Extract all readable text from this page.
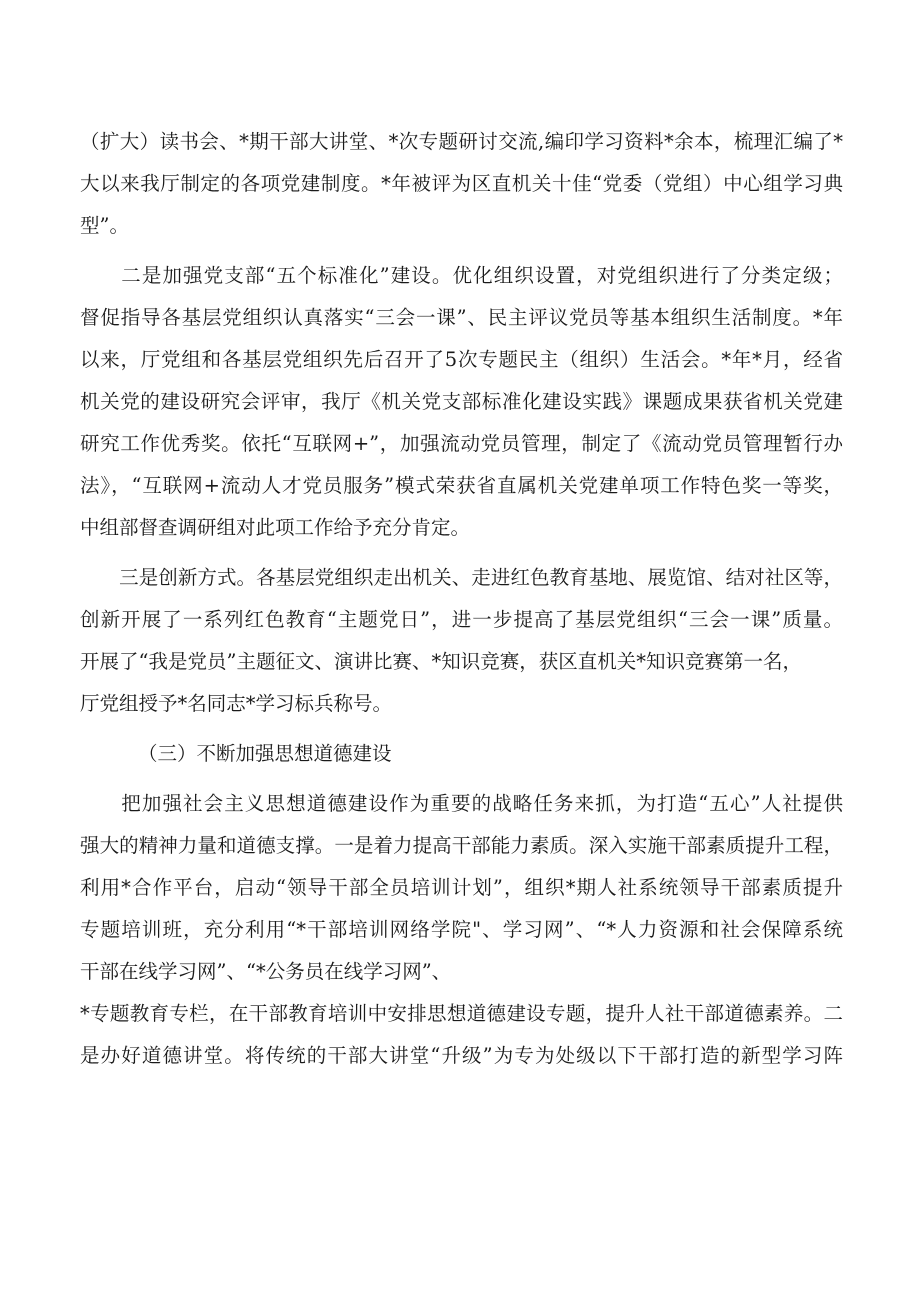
（扩大）读书会、*期干部大讲堂、*次专题研讨交流,编印学习资料*余本，梳理汇编了*
大以来我厅制定的各项党建制度。*年被评为区直机关十佳“党委（党组）中心组学习典
型”。
　　二是加强党支部“五个标准化”建设。优化组织设置，对党组织进行了分类定级；
督促指导各基层党组织认真落实“三会一课”、民主评议党员等基本组织生活制度。*年
以来，厅党组和各基层党组织先后召开了5次专题民主（组织）生活会。*年*月，经省
机关党的建设研究会评审，我厅《机关党支部标准化建设实践》课题成果获省机关党建
研究工作优秀奖。依托“互联网+”，加强流动党员管理，制定了《流动党员管理暂行办
法》，“互联网+流动人才党员服务”模式荣获省直属机关党建单项工作特色奖一等奖，
中组部督查调研组对此项工作给予充分肯定。
　　三是创新方式。各基层党组织走出机关、走进红色教育基地、展览馆、结对社区等，
创新开展了一系列红色教育“主题党日”，进一步提高了基层党组织“三会一课”质量。
开展了“我是党员”主题征文、演讲比赛、*知识竞赛，获区直机关*知识竞赛第一名，
厅党组授予*名同志*学习标兵称号。
（三）不断加强思想道德建设
　　把加强社会主义思想道德建设作为重要的战略任务来抓，为打造“五心”人社提供
强大的精神力量和道德支撑。一是着力提高干部能力素质。深入实施干部素质提升工程，
利用*合作平台，启动“领导干部全员培训计划”，组织*期人社系统领导干部素质提升
专题培训班，充分利用“*干部培训网络学院"、学习网”、“*人力资源和社会保障系统
干部在线学习网”、“*公务员在线学习网”、
*专题教育专栏，在干部教育培训中安排思想道德建设专题，提升人社干部道德素养。二
是办好道德讲堂。将传统的干部大讲堂“升级”为专为处级以下干部打造的新型学习阵
